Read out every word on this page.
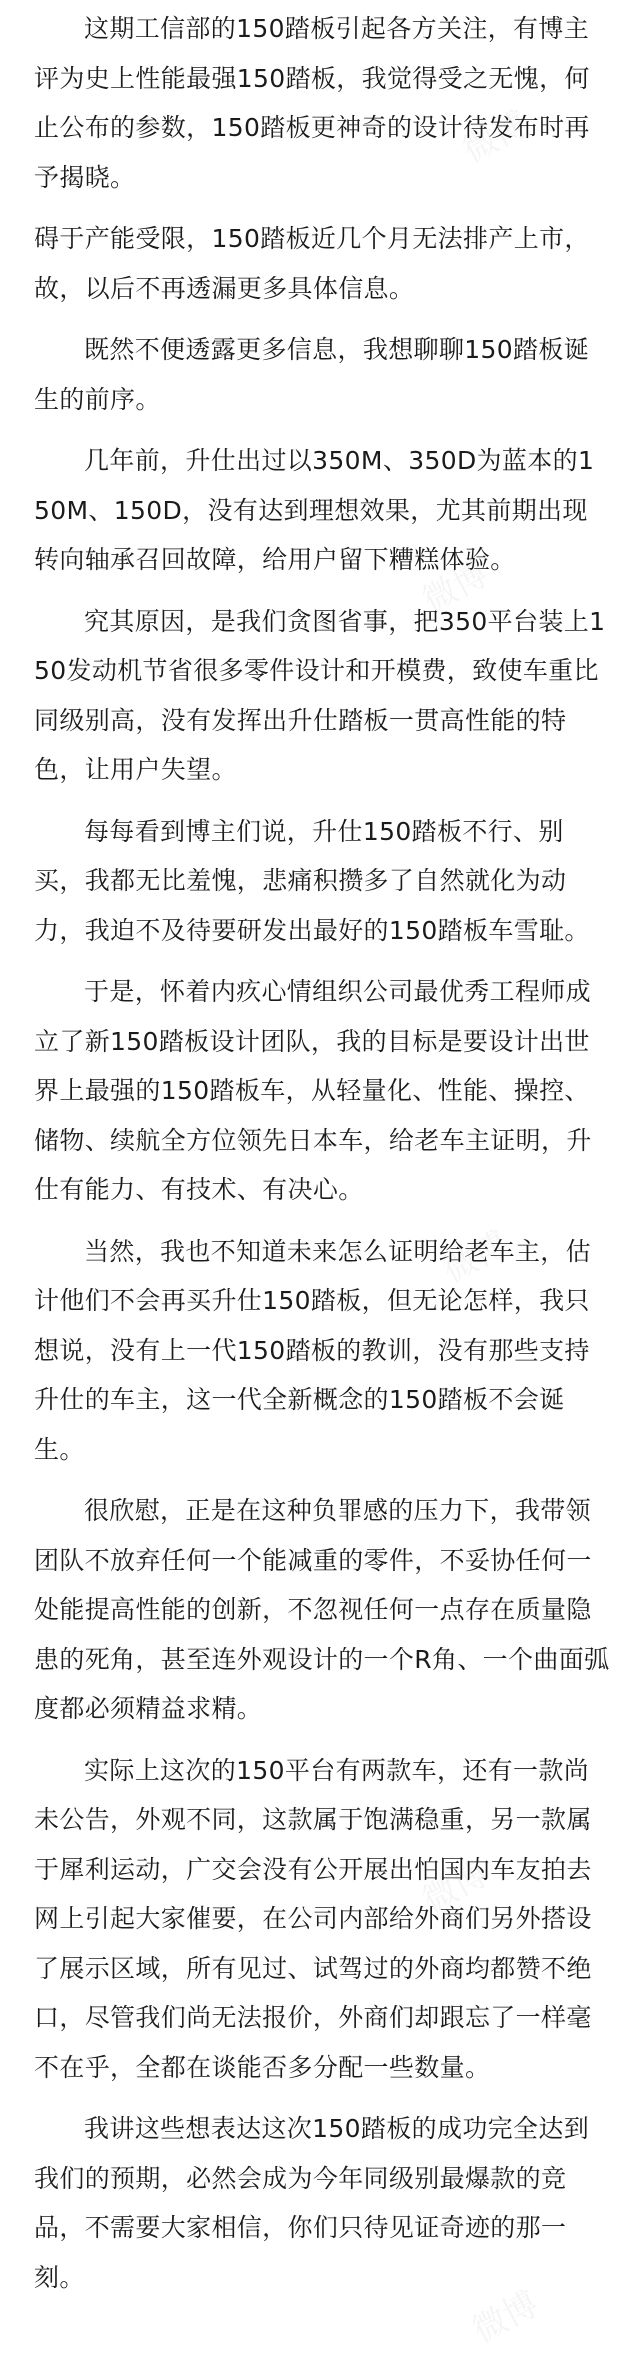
这期工信部的150踏板引起各方关注，有博主评为史上性能最强150踏板，我觉得受之无愧，何止公布的参数，150踏板更神奇的设计待发布时再予揭晓。

碍于产能受限，150踏板近几个月无法排产上市，故，以后不再透漏更多具体信息。

既然不便透露更多信息，我想聊聊150踏板诞生的前序。

几年前，升仕出过以350M、350D为蓝本的150M、150D，没有达到理想效果，尤其前期出现转向轴承召回故障，给用户留下糟糕体验。

究其原因，是我们贪图省事，把350平台装上150发动机节省很多零件设计和开模费，致使车重比同级别高，没有发挥出升仕踏板一贯高性能的特色，让用户失望。

每每看到博主们说，升仕150踏板不行、别买，我都无比羞愧，悲痛积攒多了自然就化为动力，我迫不及待要研发出最好的150踏板车雪耻。

于是，怀着内疚心情组织公司最优秀工程师成立了新150踏板设计团队，我的目标是要设计出世界上最强的150踏板车，从轻量化、性能、操控、储物、续航全方位领先日本车，给老车主证明，升仕有能力、有技术、有决心。

当然，我也不知道未来怎么证明给老车主，估计他们不会再买升仕150踏板，但无论怎样，我只想说，没有上一代150踏板的教训，没有那些支持升仕的车主，这一代全新概念的150踏板不会诞生。

很欣慰，正是在这种负罪感的压力下，我带领团队不放弃任何一个能减重的零件，不妥协任何一处能提高性能的创新，不忽视任何一点存在质量隐患的死角，甚至连外观设计的一个R角、一个曲面弧度都必须精益求精。

实际上这次的150平台有两款车，还有一款尚未公告，外观不同，这款属于饱满稳重，另一款属于犀利运动，广交会没有公开展出怕国内车友拍去网上引起大家催要，在公司内部给外商们另外搭设了展示区域，所有见过、试驾过的外商均都赞不绝口，尽管我们尚无法报价，外商们却跟忘了一样毫不在乎，全都在谈能否多分配一些数量。

我讲这些想表达这次150踏板的成功完全达到我们的预期，必然会成为今年同级别最爆款的竞品，不需要大家相信，你们只待见证奇迹的那一刻。
